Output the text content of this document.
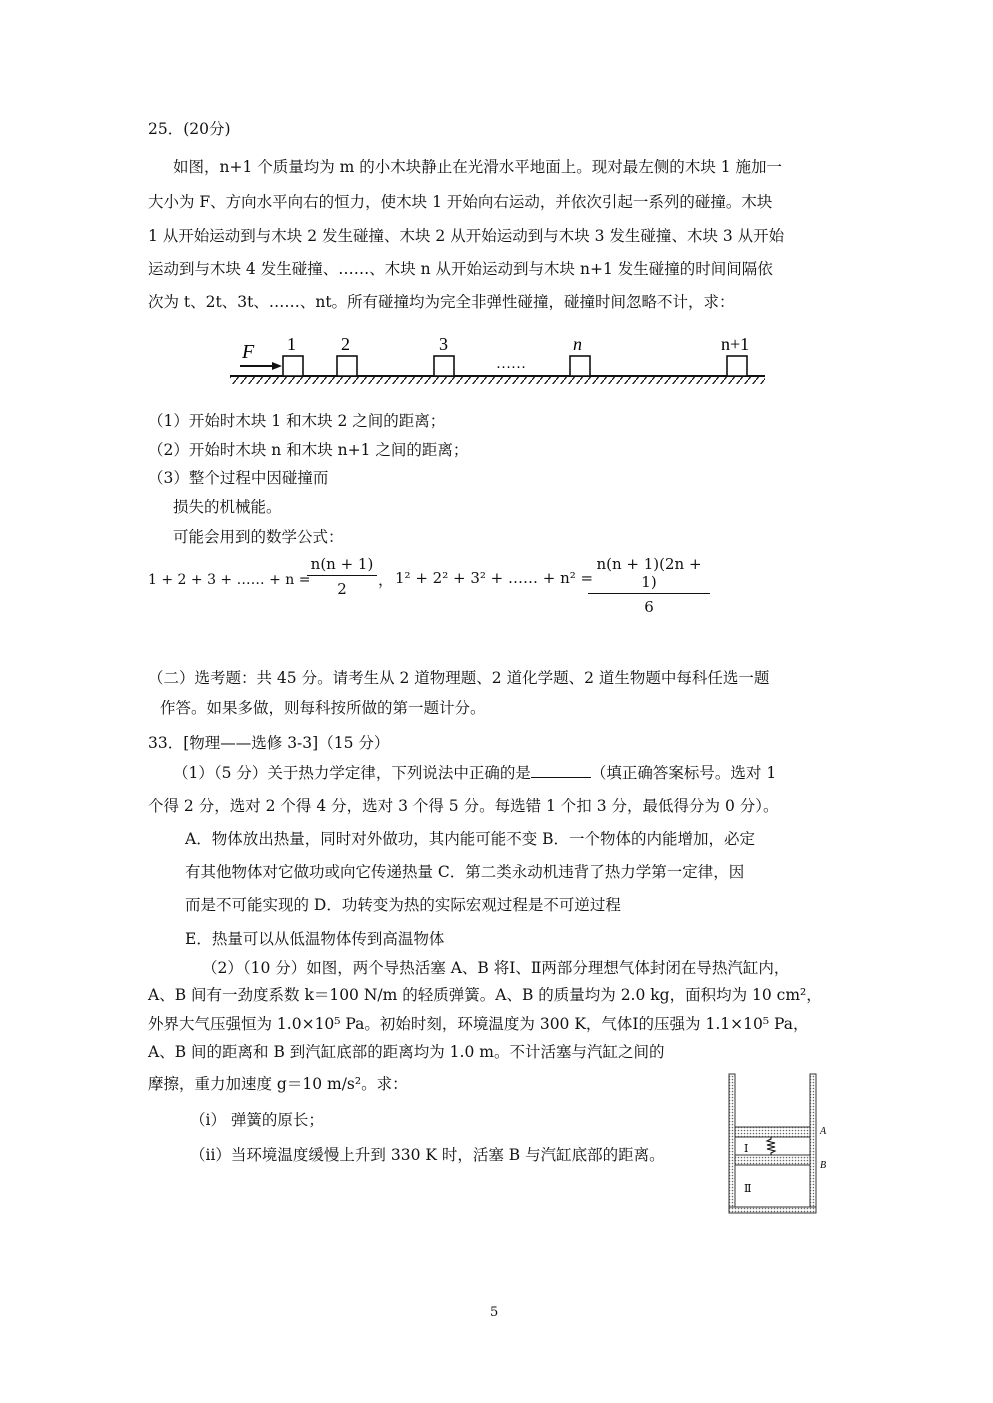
25．(20分)
如图，n+1 个质量均为 m 的小木块静止在光滑水平地面上。现对最左侧的木块 1 施加一
大小为 F、方向水平向右的恒力，使木块 1 开始向右运动，并依次引起一系列的碰撞。木块
1 从开始运动到与木块 2 发生碰撞、木块 2 从开始运动到与木块 3 发生碰撞、木块 3 从开始
运动到与木块 4 发生碰撞、……、木块 n 从开始运动到与木块 n+1 发生碰撞的时间间隔依
次为 t、2t、3t、……、nt。所有碰撞均为完全非弹性碰撞，碰撞时间忽略不计，求：
F 1	2	3
……
n	n+1
（1）开始时木块 1 和木块 2 之间的距离；
（2）开始时木块 n 和木块 n+1 之间的距离；
（3）整个过程中因碰撞而
损失的机械能。
可能会用到的数学公式：
1 + 2 + 3 + …… + n =
$\frac{n(n + 1)}{2}$ ， 1² + 2² + 3² + …… + n² =
$\frac{n(n + 1)(2n + 1)}{6}$
（二）选考题：共 45 分。请考生从 2 道物理题、2 道化学题、2 道生物题中每科任选一题
作答。如果多做，则每科按所做的第一题计分。
33．[物理——选修 3-3]（15 分）
（1）（5 分）关于热力学定律，下列说法中正确的是	（填正确答案标号。选对 1
个得 2 分，选对 2 个得 4 分，选对 3 个得 5 分。每选错 1 个扣 3 分，最低得分为 0 分）。
A．物体放出热量，同时对外做功，其内能可能不变 B．一个物体的内能增加，必定
有其他物体对它做功或向它传递热量 C．第二类永动机违背了热力学第一定律，因
而是不可能实现的 D．功转变为热的实际宏观过程是不可逆过程
E．热量可以从低温物体传到高温物体
（2）（10 分）如图，两个导热活塞 A、B 将Ⅰ、Ⅱ两部分理想气体封闭在导热汽缸内，
A、B 间有一劲度系数 k＝100 N/m 的轻质弹簧。A、B 的质量均为 2.0 kg，面积均为 10 cm²，
外界大气压强恒为 1.0×10⁵ Pa。初始时刻，环境温度为 300 K，气体Ⅰ的压强为 1.1×10⁵ Pa，
A、B 间的距离和 B 到汽缸底部的距离均为 1.0 m。不计活塞与汽缸之间的
摩擦，重力加速度 g＝10 m/s²。求：
（i） 弹簧的原长；
（ii）当环境温度缓慢上升到 330 K 时，活塞 B 与汽缸底部的距离。	Ⅰ
Ⅱ
A
B
5
